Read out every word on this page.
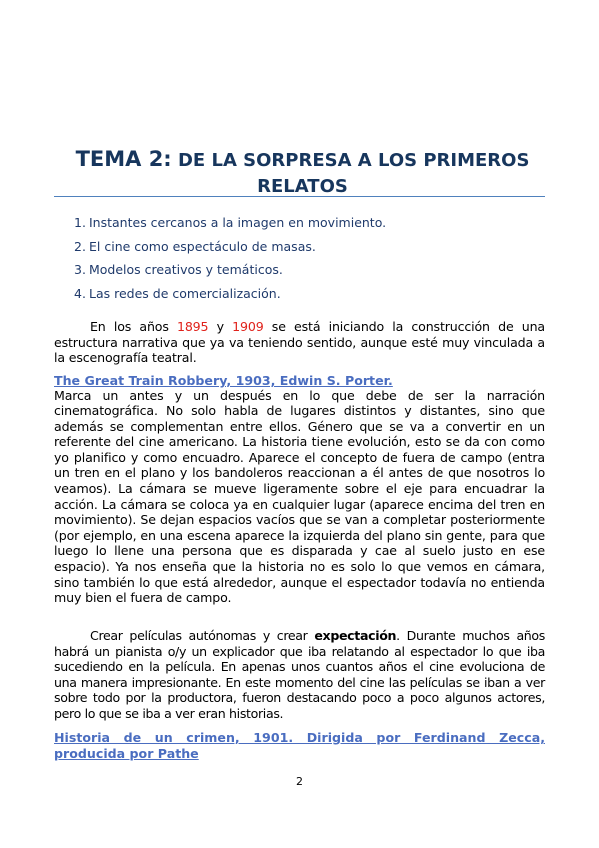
TEMA 2: DE LA SORPRESA A LOS PRIMEROS RELATOS
1. Instantes cercanos a la imagen en movimiento.
2. El cine como espectáculo de masas.
3. Modelos creativos y temáticos.
4. Las redes de comercialización.

En los años 1895 y 1909 se está iniciando la construcción de una estructura narrativa que ya va teniendo sentido, aunque esté muy vinculada a la escenografía teatral.

The Great Train Robbery, 1903, Edwin S. Porter.

Marca un antes y un después en lo que debe de ser la narración cinematográfica. No solo habla de lugares distintos y distantes, sino que además se complementan entre ellos. Género que se va a convertir en un referente del cine americano. La historia tiene evolución, esto se da con como yo planifico y como encuadro. Aparece el concepto de fuera de campo (entra un tren en el plano y los bandoleros reaccionan a él antes de que nosotros lo veamos). La cámara se mueve ligeramente sobre el eje para encuadrar la acción. La cámara se coloca ya en cualquier lugar (aparece encima del tren en movimiento). Se dejan espacios vacíos que se van a completar posteriormente (por ejemplo, en una escena aparece la izquierda del plano sin gente, para que luego lo llene una persona que es disparada y cae al suelo justo en ese espacio). Ya nos enseña que la historia no es solo lo que vemos en cámara, sino también lo que está alrededor, aunque el espectador todavía no entienda muy bien el fuera de campo.

Crear películas autónomas y crear expectación. Durante muchos años habrá un pianista o/y un explicador que iba relatando al espectador lo que iba sucediendo en la película. En apenas unos cuantos años el cine evoluciona de una manera impresionante. En este momento del cine las películas se iban a ver sobre todo por la productora, fueron destacando poco a poco algunos actores, pero lo que se iba a ver eran historias.

Historia de un crimen, 1901. Dirigida por Ferdinand Zecca, producida por Pathe

2
